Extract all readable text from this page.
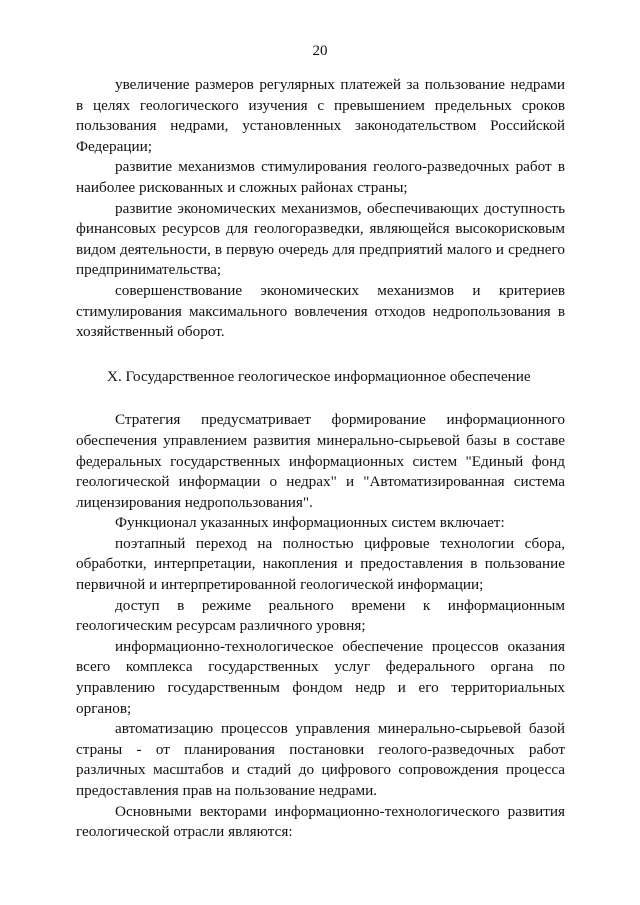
20

увеличение размеров регулярных платежей за пользование недрами в целях геологического изучения с превышением предельных сроков пользования недрами, установленных законодательством Российской Федерации;

развитие механизмов стимулирования геолого-разведочных работ в наиболее рискованных и сложных районах страны;

развитие экономических механизмов, обеспечивающих доступность финансовых ресурсов для геологоразведки, являющейся высокорисковым видом деятельности, в первую очередь для предприятий малого и среднего предпринимательства;

совершенствование экономических механизмов и критериев стимулирования максимального вовлечения отходов недропользования в хозяйственный оборот.

X. Государственное геологическое информационное обеспечение

Стратегия предусматривает формирование информационного обеспечения управлением развития минерально-сырьевой базы в составе федеральных государственных информационных систем "Единый фонд геологической информации о недрах" и "Автоматизированная система лицензирования недропользования".

Функционал указанных информационных систем включает:

поэтапный переход на полностью цифровые технологии сбора, обработки, интерпретации, накопления и предоставления в пользование первичной и интерпретированной геологической информации;

доступ в режиме реального времени к информационным геологическим ресурсам различного уровня;

информационно-технологическое обеспечение процессов оказания всего комплекса государственных услуг федерального органа по управлению государственным фондом недр и его территориальных органов;

автоматизацию процессов управления минерально-сырьевой базой страны - от планирования постановки геолого-разведочных работ различных масштабов и стадий до цифрового сопровождения процесса предоставления прав на пользование недрами.

Основными векторами информационно-технологического развития геологической отрасли являются:
